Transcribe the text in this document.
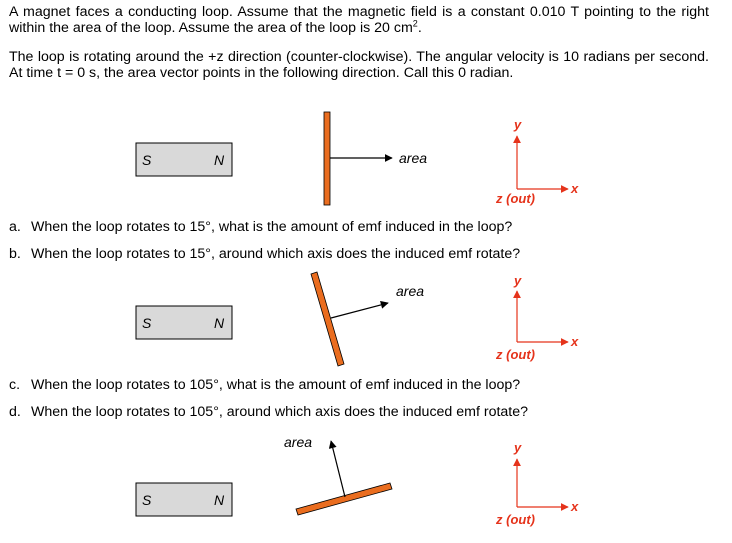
A magnet faces a conducting loop. Assume that the magnetic field is a constant 0.010 T pointing to the right within the area of the loop. Assume the area of the loop is 20 $cm^2$.
The loop is rotating around the +z direction (counter-clockwise). The angular velocity is 10 radians per second. At time t = 0 s, the area vector points in the following direction. Call this 0 radian.
a. When the loop rotates to 15°, what is the amount of emf induced in the loop?
b. When the loop rotates to 15°, around which axis does the induced emf rotate?
c. When the loop rotates to 105°, what is the amount of emf induced in the loop?
d. When the loop rotates to 105°, around which axis does the induced emf rotate?
S	N	area
y
x
z (out)
S	N
area
y
x
z (out)
S	N
area	y
x
z (out)
